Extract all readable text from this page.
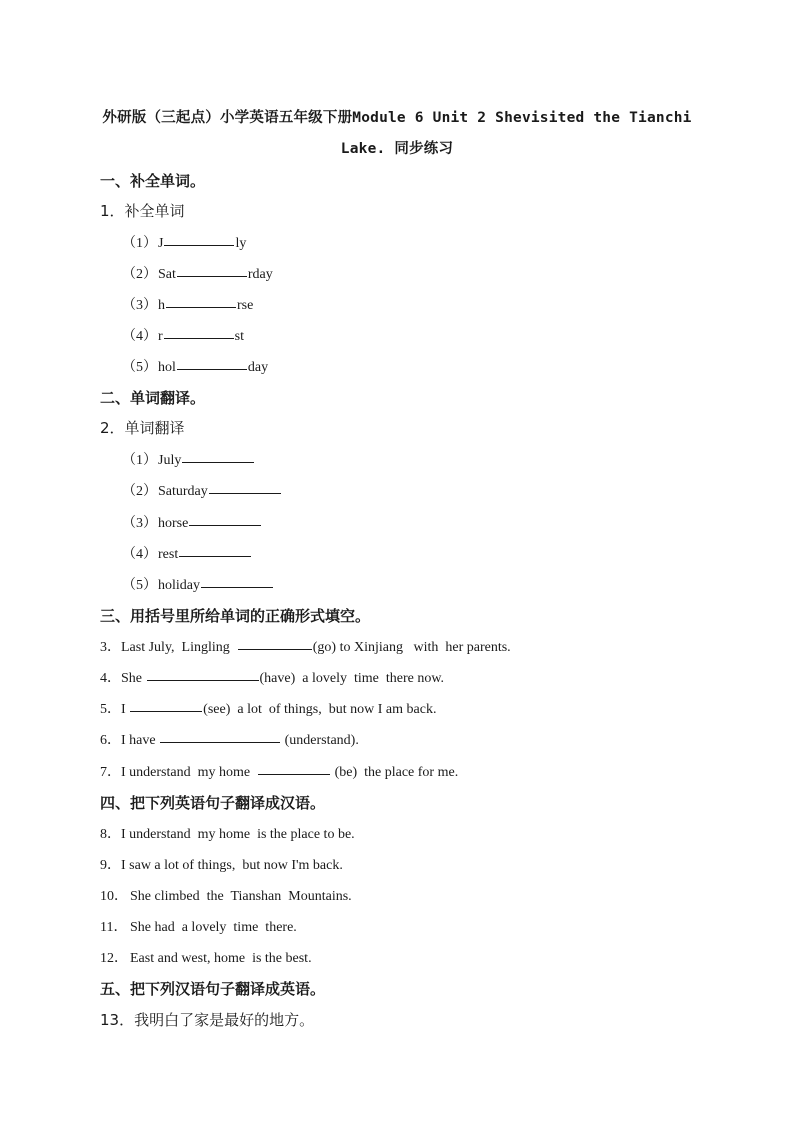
外研版（三起点）小学英语五年级下册Module 6 Unit 2 Shevisited the Tianchi
Lake. 同步练习
一、补全单词。
1．补全单词
（1） J	ly
（2） Sat	rday
（3） h	rse
（4） r	st
（5） hol	day
二、单词翻译。
2．单词翻译
（1） July
（2） Saturday
（3） horse
（4） rest
（5） holiday
三、用括号里所给单词的正确形式填空。
3． Last July,  Lingling	(go) to Xinjiang   with  her parents.
4． She	(have)  a lovely  time  there now.
5． I	(see)  a lot  of things,  but now I am back.
6． I have	(understand).
7． I understand  my home	(be)  the place for me.
四、把下列英语句子翻译成汉语。
8． I understand  my home  is the place to be.
9． I saw a lot of things,  but now I'm back.
10． She climbed  the  Tianshan  Mountains.
11． She had  a lovely  time  there.
12． East and west, home  is the best.
五、把下列汉语句子翻译成英语。
13． 我明白了家是最好的地方。
